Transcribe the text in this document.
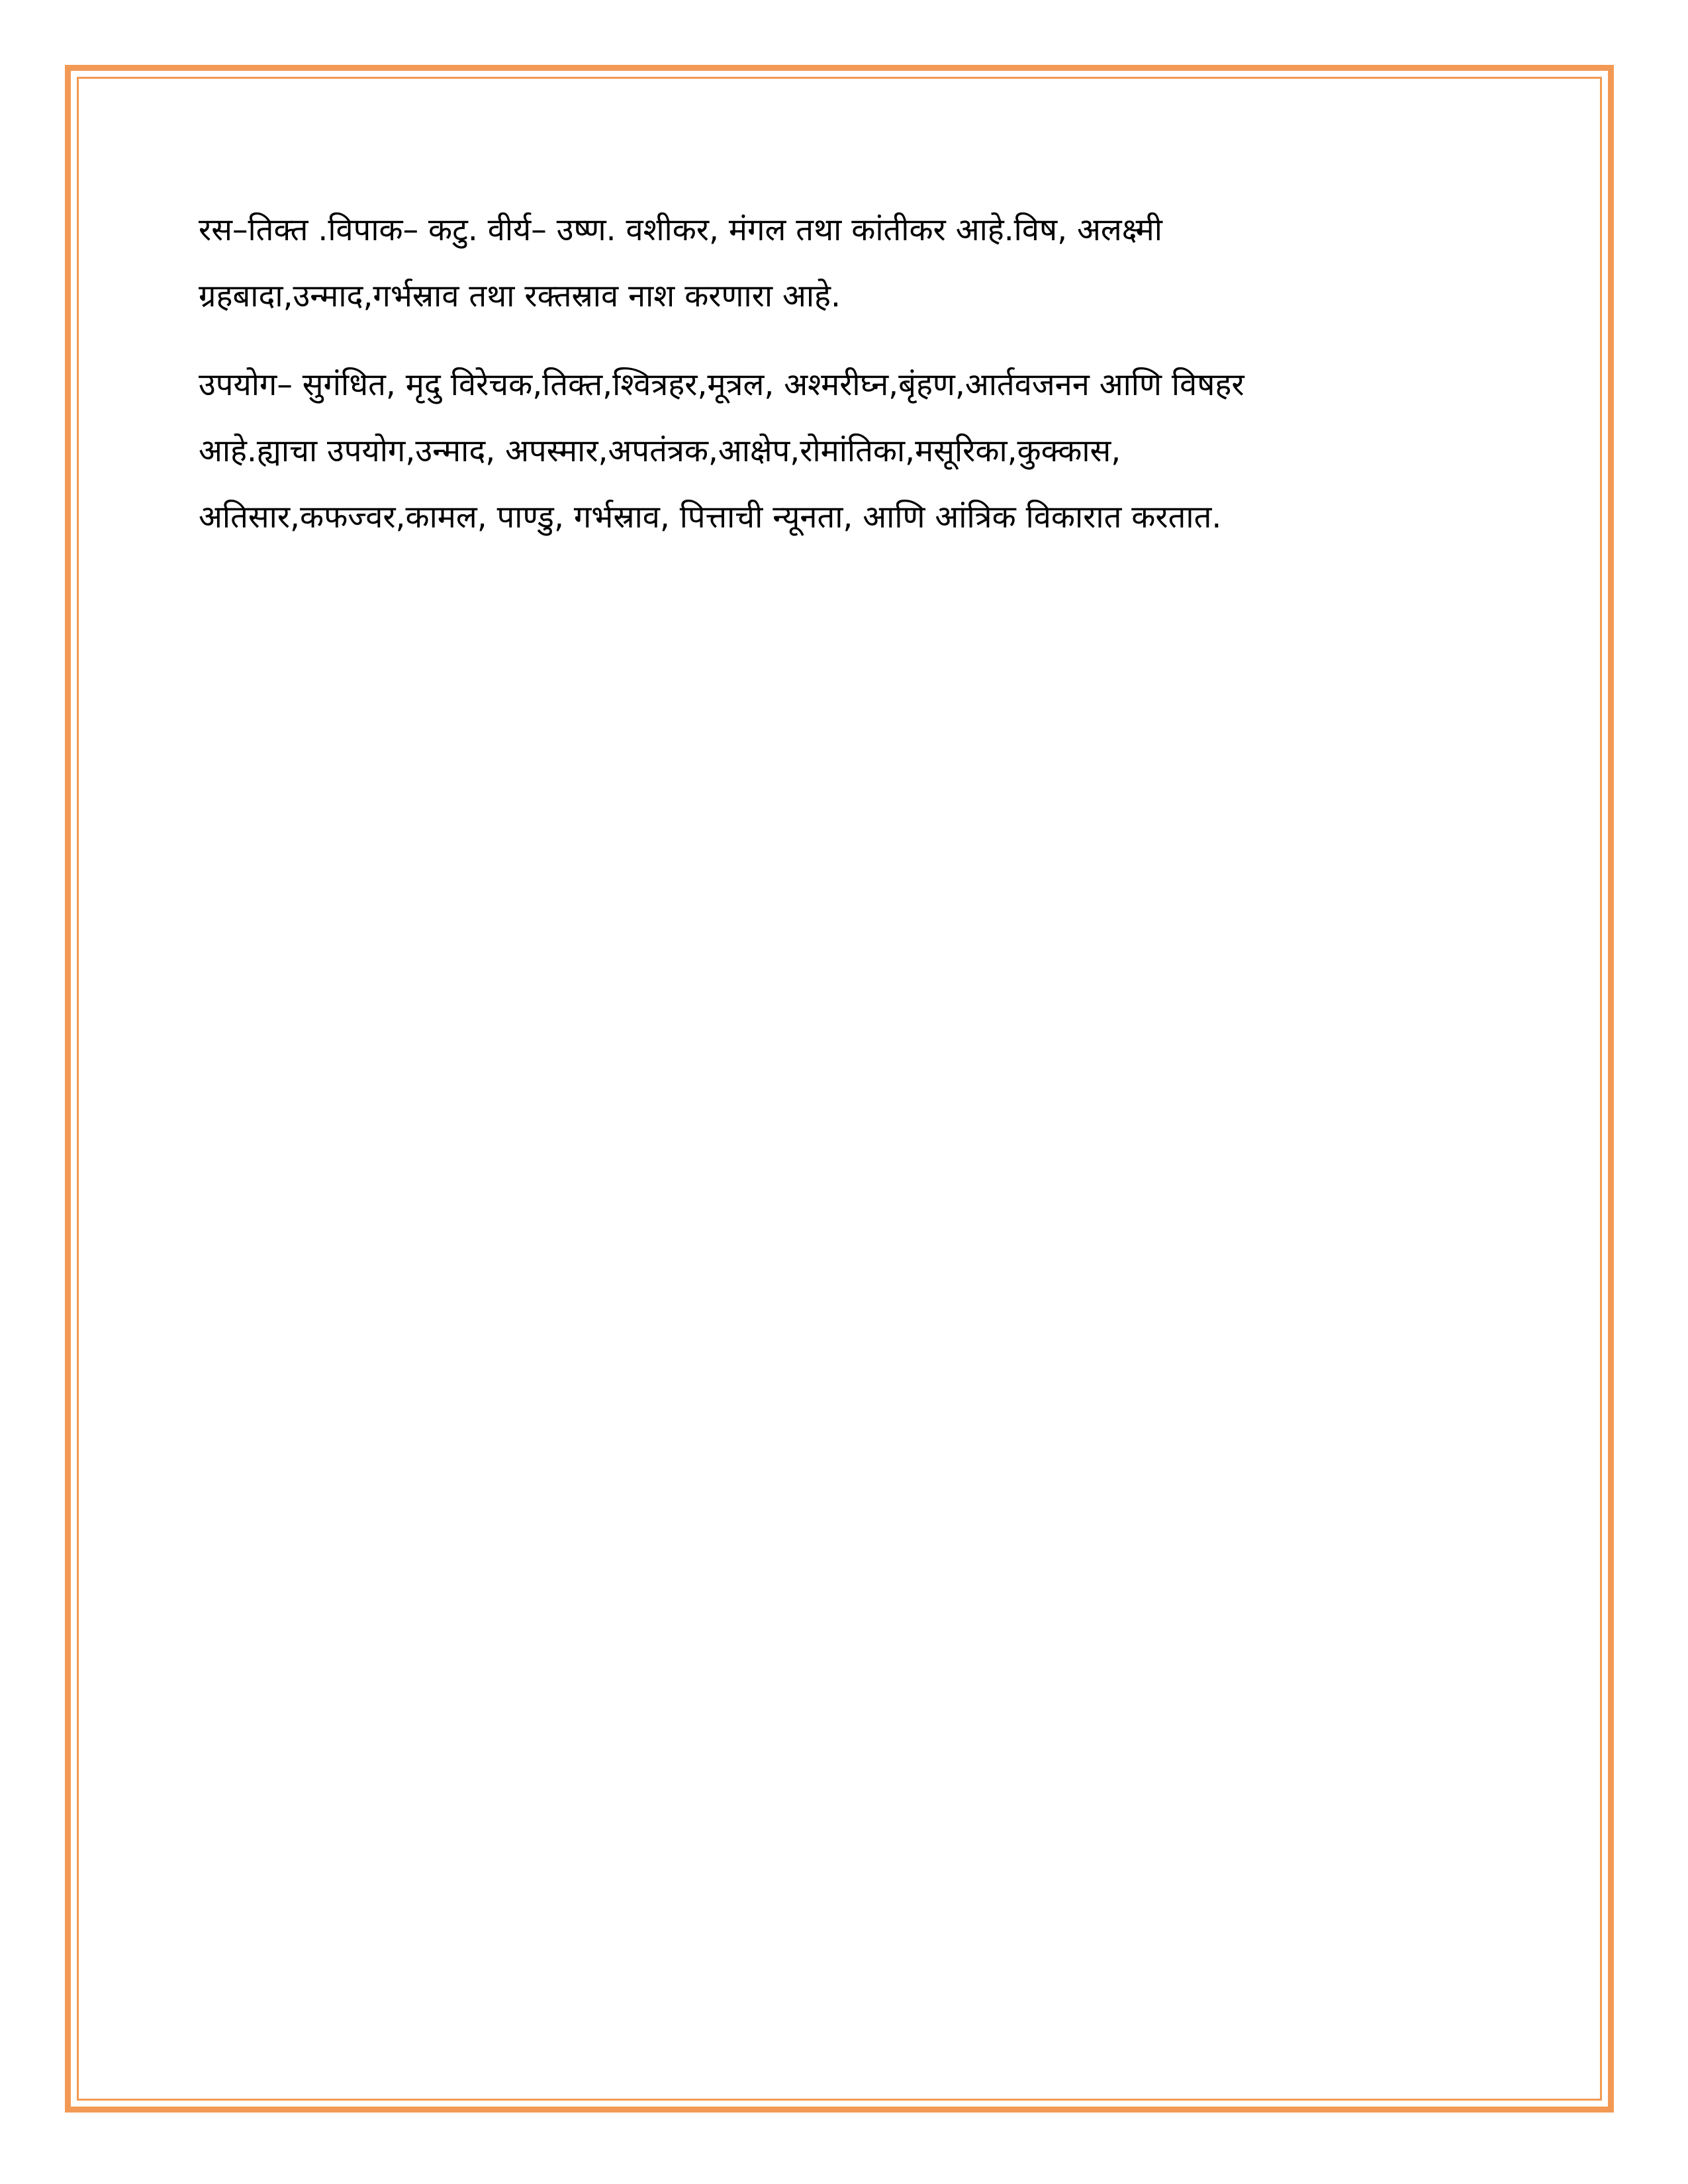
रस–तिक्त .विपाक– कटु. वीर्य– उष्ण. वशीकर, मंगल तथा कांतीकर आहे.विष, अलक्ष्मी
ग्रहबादा,उन्माद,गर्भस्राव तथा रक्तस्राव नाश करणारा आहे.

उपयोग– सुगंधित, मृदु विरेचक,तिक्त,श्वित्रहर,मूत्रल, अश्मरीघ्न,बृंहण,आर्तवजनन आणि विषहर
आहे.ह्याचा उपयोग,उन्माद, अपस्मार,अपतंत्रक,आक्षेप,रोमांतिका,मसूरिका,कुक्कास,
अतिसार,कफज्वर,कामल, पाण्डु, गर्भस्राव, पित्ताची न्यूनता, आणि आंत्रिक विकारात करतात.
